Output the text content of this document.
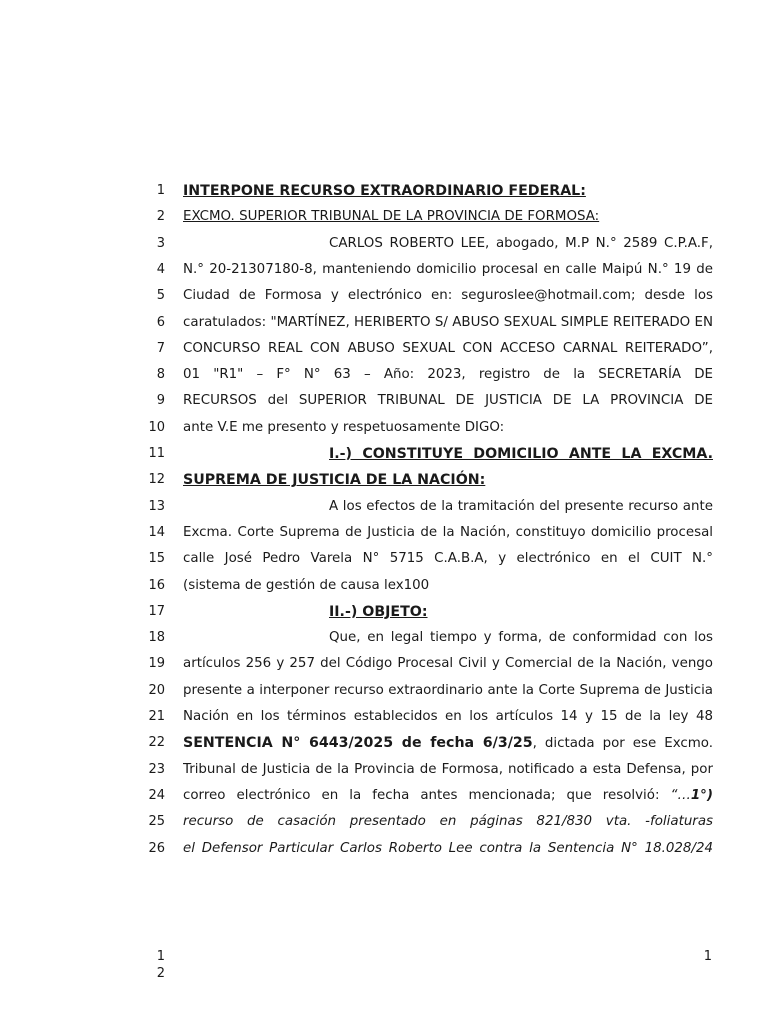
1 INTERPONE RECURSO EXTRAORDINARIO FEDERAL:
2 EXCMO. SUPERIOR TRIBUNAL DE LA PROVINCIA DE FORMOSA:
3	CARLOS ROBERTO LEE, abogado, M.P N.° 2589 C.P.A.F,
4 N.° 20-21307180-8, manteniendo domicilio procesal en calle Maipú N.° 19 de
5 Ciudad de Formosa y electrónico en: seguroslee@hotmail.com; desde los
6 caratulados: "MARTÍNEZ, HERIBERTO S/ ABUSO SEXUAL SIMPLE REITERADO EN
7 CONCURSO REAL CON ABUSO SEXUAL CON ACCESO CARNAL REITERADO”,
8 01 "R1" – F° N° 63 – Año: 2023, registro de la SECRETARÍA DE
9 RECURSOS del SUPERIOR TRIBUNAL DE JUSTICIA DE LA PROVINCIA DE
10 ante V.E me presento y respetuosamente DIGO:
11	I.-) CONSTITUYE DOMICILIO ANTE LA EXCMA.
12 SUPREMA DE JUSTICIA DE LA NACIÓN:
13	A los efectos de la tramitación del presente recurso ante
14 Excma. Corte Suprema de Justicia de la Nación, constituyo domicilio procesal
15 calle José Pedro Varela N° 5715 C.A.B.A, y electrónico en el CUIT N.°
16 (sistema de gestión de causa lex100
17	II.-) OBJETO:
18	Que, en legal tiempo y forma, de conformidad con los
19 artículos 256 y 257 del Código Procesal Civil y Comercial de la Nación, vengo
20 presente a interponer recurso extraordinario ante la Corte Suprema de Justicia
21 Nación en los términos establecidos en los artículos 14 y 15 de la ley 48
22 SENTENCIA N° 6443/2025 de fecha 6/3/25, dictada por ese Excmo.
23 Tribunal de Justicia de la Provincia de Formosa, notificado a esta Defensa, por
24 correo electrónico en la fecha antes mencionada; que resolvió: “…1°)
25 recurso de casación presentado en páginas 821/830 vta. -foliaturas
26 el Defensor Particular Carlos Roberto Lee contra la Sentencia N° 18.028/24
1
2
1
